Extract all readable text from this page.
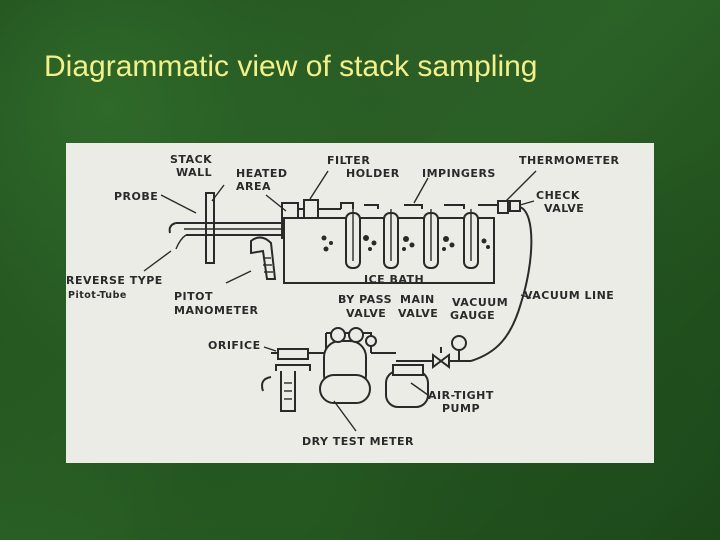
Diagrammatic view of stack sampling
STACK
WALL HEATED
AREA
FILTER
HOLDER IMPINGERS
THERMOMETER
PROBE	CHECK
VALVE
REVERSE TYPE
Pitot-Tube
ICE BATH
PITOT
MANOMETER
BY PASS
VALVE
MAIN
VALVE
VACUUM
GAUGE
VACUUM LINE
ORIFICE
AIR-TIGHT
PUMP
DRY TEST METER
